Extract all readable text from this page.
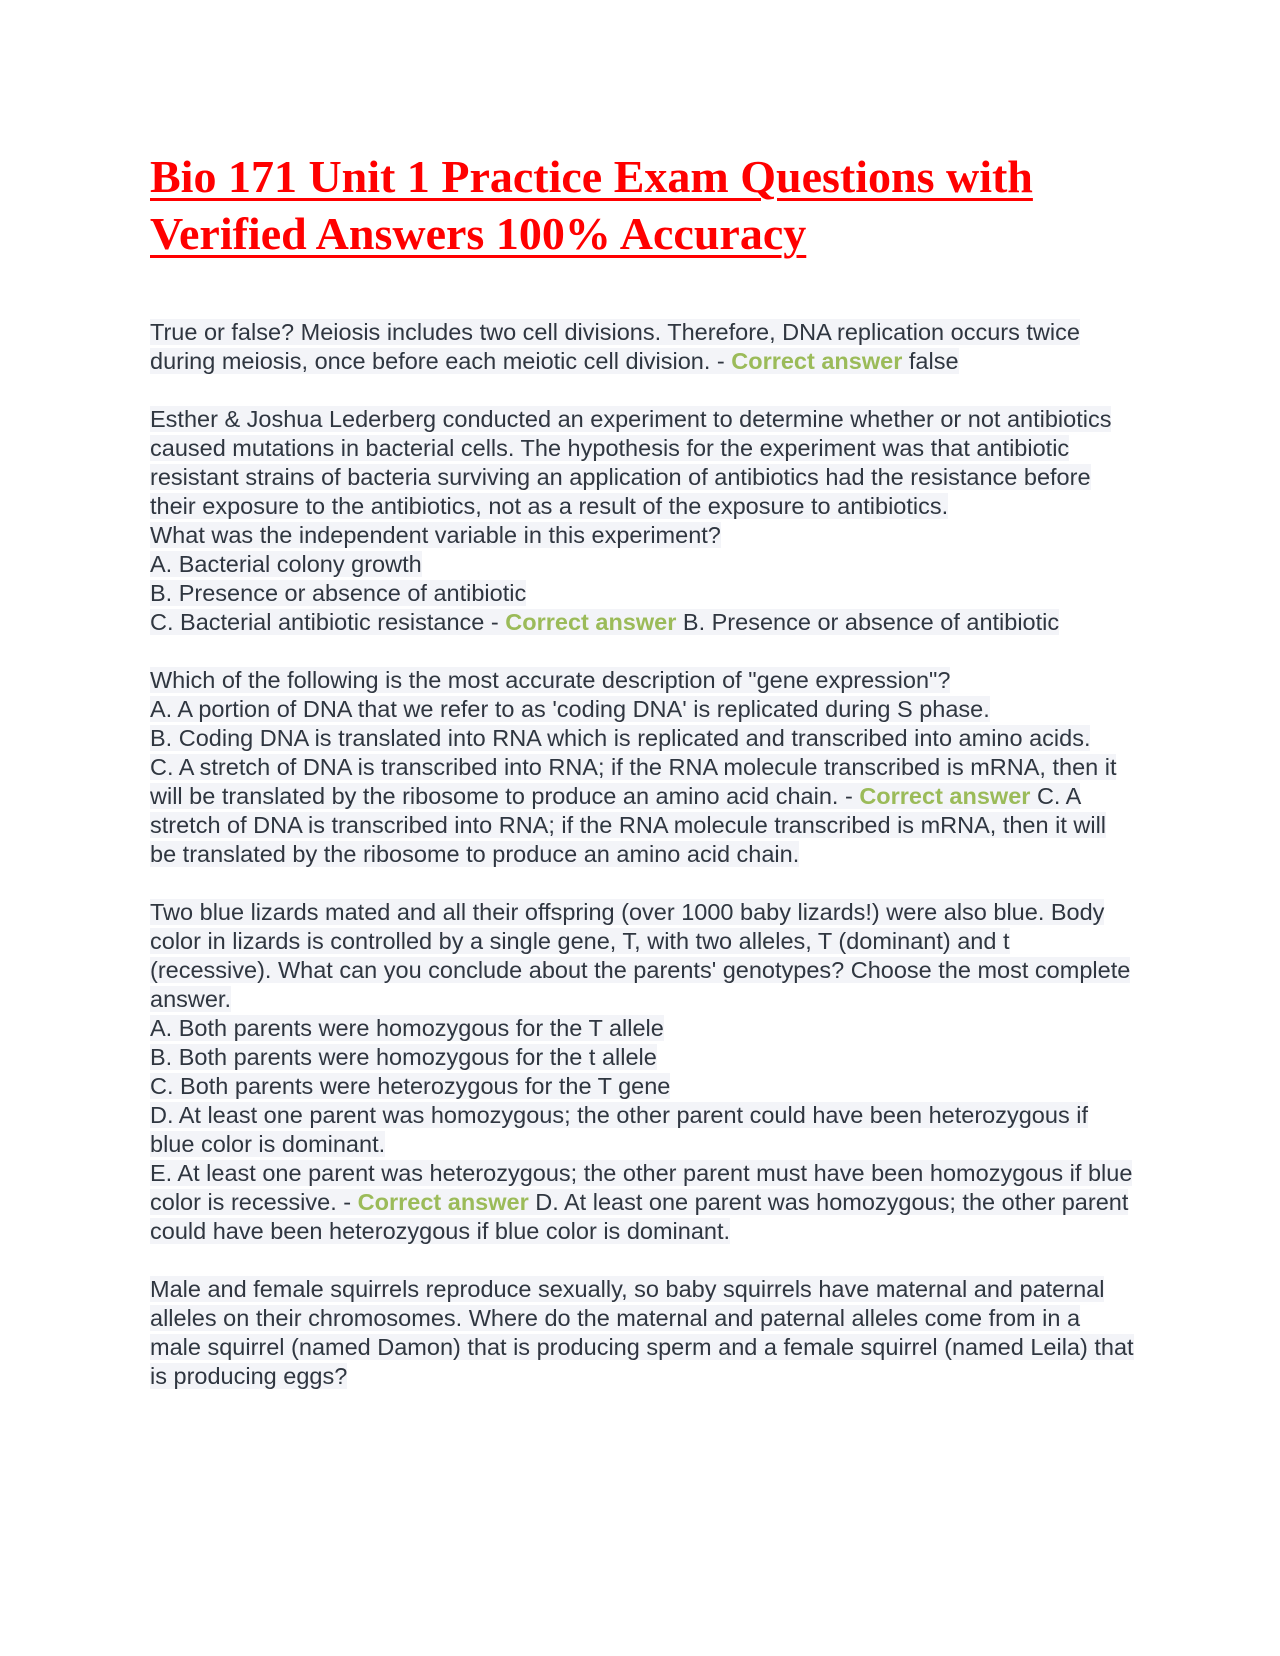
Bio 171 Unit 1 Practice Exam Questions with Verified Answers 100% Accuracy

True or false? Meiosis includes two cell divisions. Therefore, DNA replication occurs twice during meiosis, once before each meiotic cell division. - Correct answer false

Esther & Joshua Lederberg conducted an experiment to determine whether or not antibiotics caused mutations in bacterial cells. The hypothesis for the experiment was that antibiotic resistant strains of bacteria surviving an application of antibiotics had the resistance before their exposure to the antibiotics, not as a result of the exposure to antibiotics.
What was the independent variable in this experiment?
A. Bacterial colony growth
B. Presence or absence of antibiotic
C. Bacterial antibiotic resistance - Correct answer B. Presence or absence of antibiotic

Which of the following is the most accurate description of "gene expression"?
A. A portion of DNA that we refer to as 'coding DNA' is replicated during S phase.
B. Coding DNA is translated into RNA which is replicated and transcribed into amino acids.
C. A stretch of DNA is transcribed into RNA; if the RNA molecule transcribed is mRNA, then it will be translated by the ribosome to produce an amino acid chain. - Correct answer C. A stretch of DNA is transcribed into RNA; if the RNA molecule transcribed is mRNA, then it will be translated by the ribosome to produce an amino acid chain.

Two blue lizards mated and all their offspring (over 1000 baby lizards!) were also blue. Body color in lizards is controlled by a single gene, T, with two alleles, T (dominant) and t (recessive). What can you conclude about the parents' genotypes? Choose the most complete answer.
A. Both parents were homozygous for the T allele
B. Both parents were homozygous for the t allele
C. Both parents were heterozygous for the T gene
D. At least one parent was homozygous; the other parent could have been heterozygous if blue color is dominant.
E. At least one parent was heterozygous; the other parent must have been homozygous if blue color is recessive. - Correct answer D. At least one parent was homozygous; the other parent could have been heterozygous if blue color is dominant.

Male and female squirrels reproduce sexually, so baby squirrels have maternal and paternal alleles on their chromosomes. Where do the maternal and paternal alleles come from in a male squirrel (named Damon) that is producing sperm and a female squirrel (named Leila) that is producing eggs?
